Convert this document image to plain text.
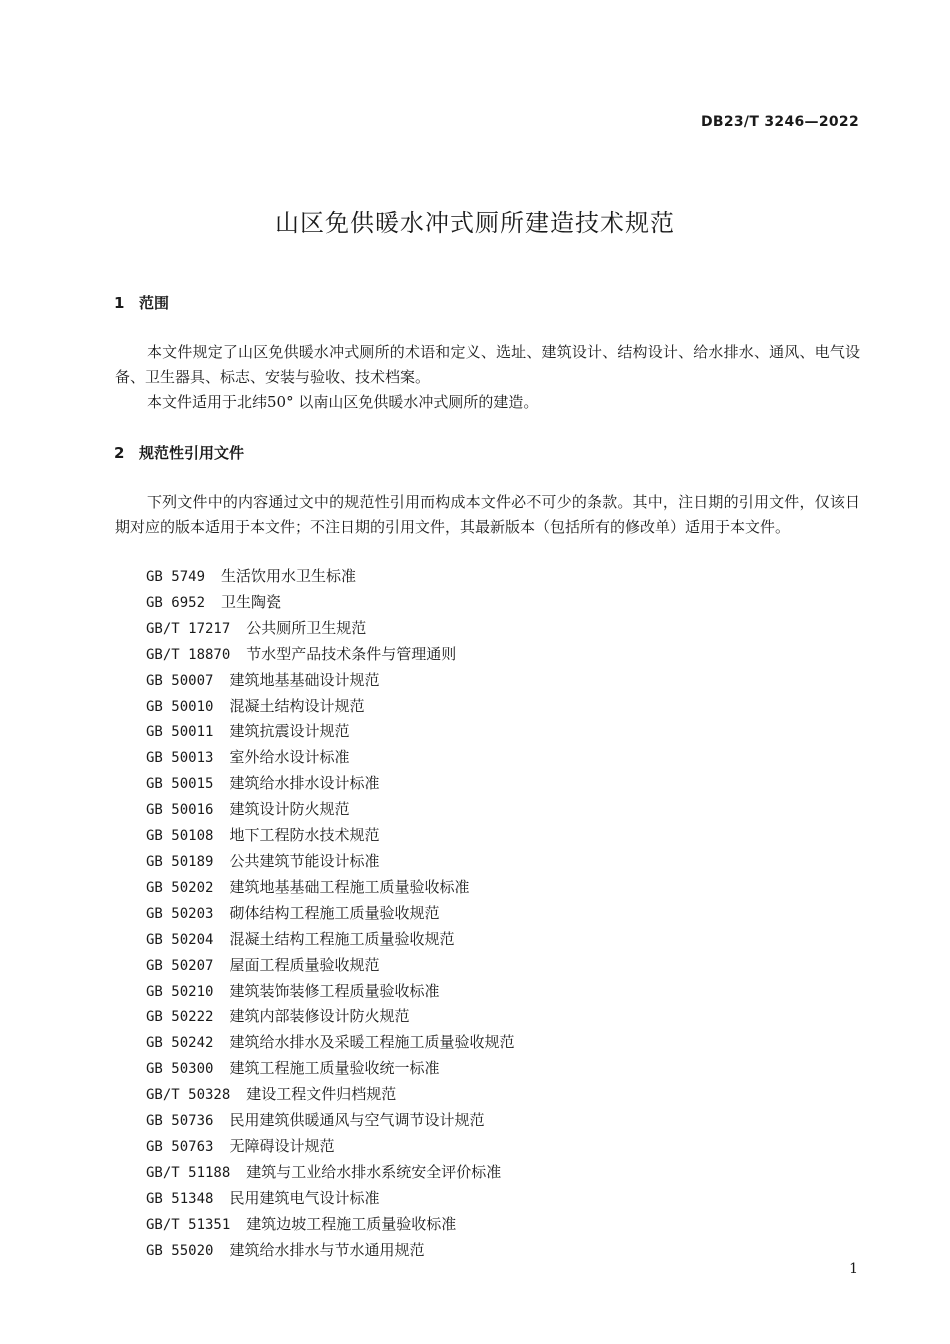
DB23/T 3246—2022
山区免供暖水冲式厕所建造技术规范
1 范围

本文件规定了山区免供暖水冲式厕所的术语和定义、选址、建筑设计、结构设计、给水排水、通风、电气设备、卫生器具、标志、安装与验收、技术档案。

本文件适用于北纬50° 以南山区免供暖水冲式厕所的建造。

2 规范性引用文件

下列文件中的内容通过文中的规范性引用而构成本文件必不可少的条款。其中，注日期的引用文件，仅该日期对应的版本适用于本文件；不注日期的引用文件，其最新版本（包括所有的修改单）适用于本文件。

GB 5749 生活饮用水卫生标准
GB 6952 卫生陶瓷
GB/T 17217 公共厕所卫生规范
GB/T 18870 节水型产品技术条件与管理通则
GB 50007 建筑地基基础设计规范
GB 50010 混凝土结构设计规范
GB 50011 建筑抗震设计规范
GB 50013 室外给水设计标准
GB 50015 建筑给水排水设计标准
GB 50016 建筑设计防火规范
GB 50108 地下工程防水技术规范
GB 50189 公共建筑节能设计标准
GB 50202 建筑地基基础工程施工质量验收标准
GB 50203 砌体结构工程施工质量验收规范
GB 50204 混凝土结构工程施工质量验收规范
GB 50207 屋面工程质量验收规范
GB 50210 建筑装饰装修工程质量验收标准
GB 50222 建筑内部装修设计防火规范
GB 50242 建筑给水排水及采暖工程施工质量验收规范
GB 50300 建筑工程施工质量验收统一标准
GB/T 50328 建设工程文件归档规范
GB 50736 民用建筑供暖通风与空气调节设计规范
GB 50763 无障碍设计规范
GB/T 51188 建筑与工业给水排水系统安全评价标准
GB 51348 民用建筑电气设计标准
GB/T 51351 建筑边坡工程施工质量验收标准
GB 55020 建筑给水排水与节水通用规范
1
